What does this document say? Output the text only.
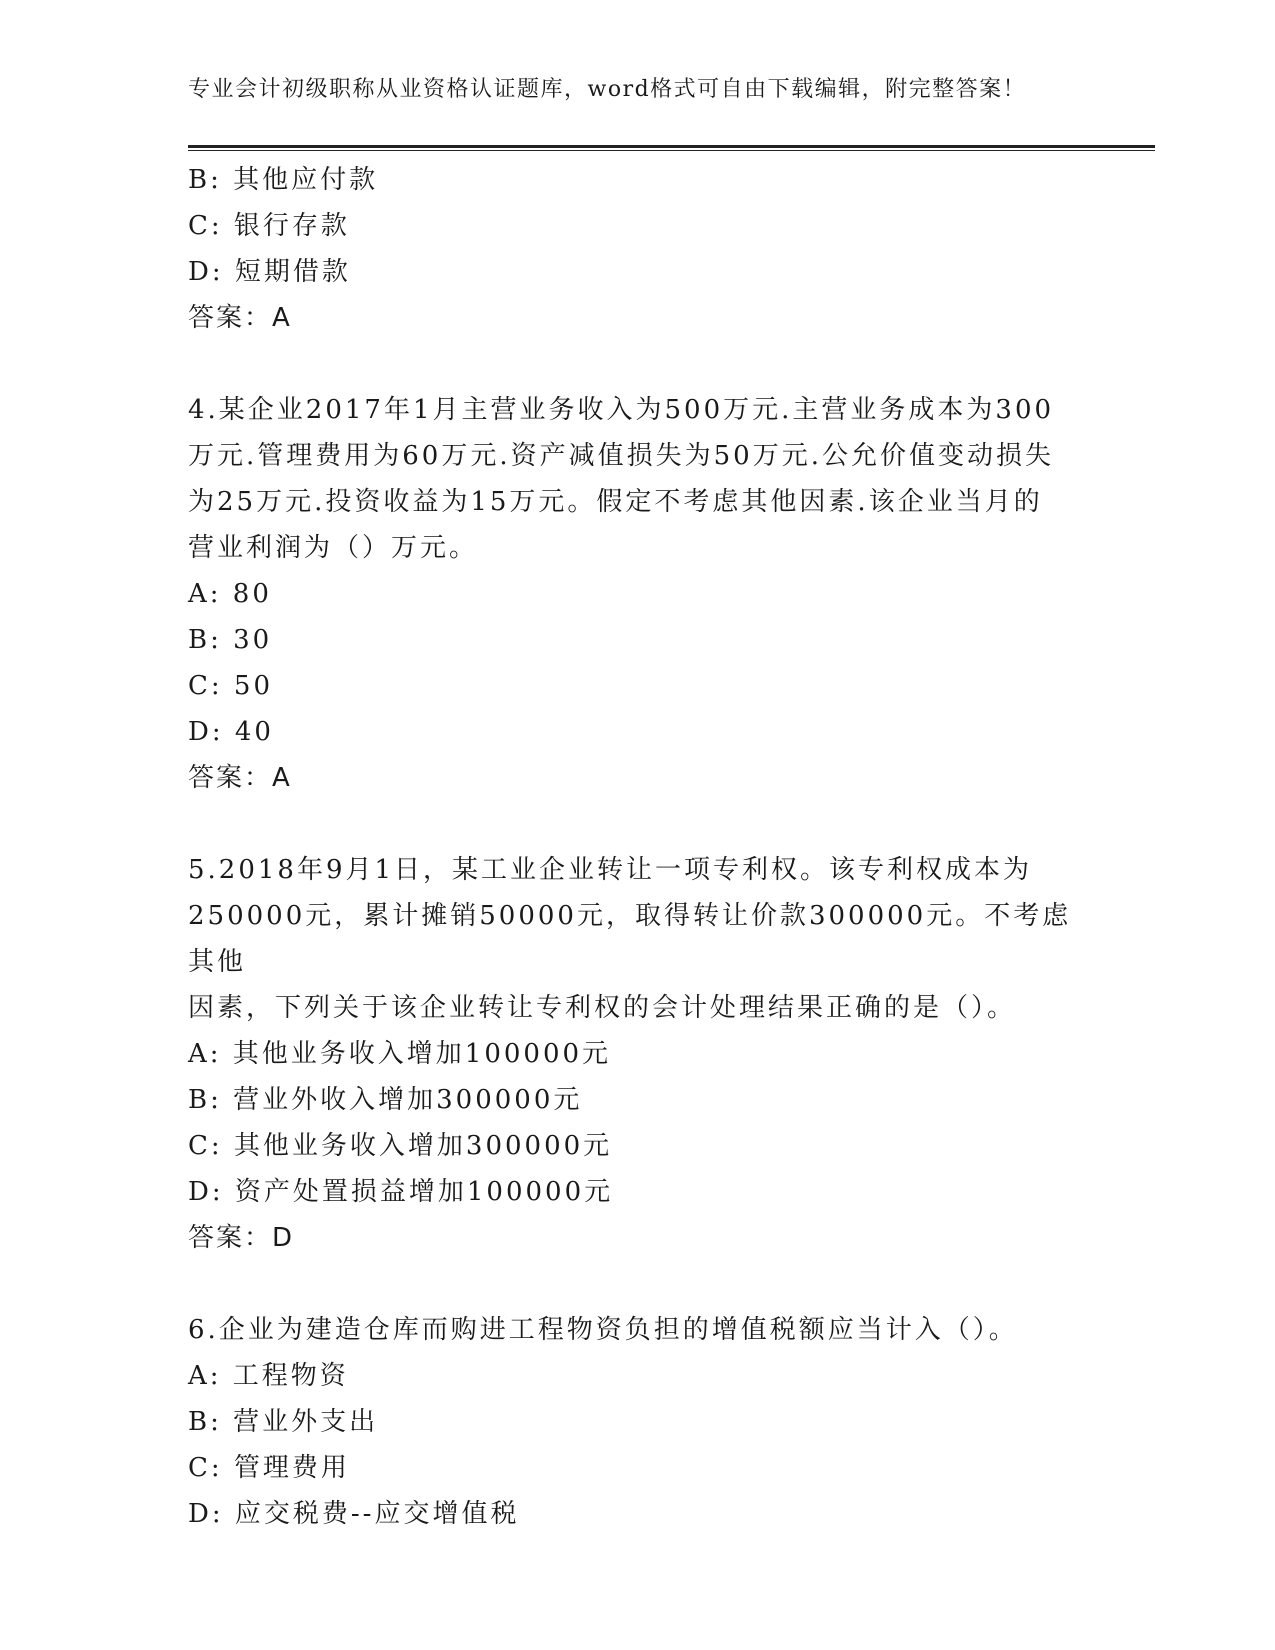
专业会计初级职称从业资格认证题库，word格式可自由下载编辑，附完整答案！
B: 其他应付款
C: 银行存款
D: 短期借款
答案：A
4.某企业2017年1月主营业务收入为500万元.主营业务成本为300
万元.管理费用为60万元.资产减值损失为50万元.公允价值变动损失
为25万元.投资收益为15万元。假定不考虑其他因素.该企业当月的
营业利润为（）万元。
A: 80
B: 30
C: 50
D: 40
答案：A
5.2018年9月1日，某工业企业转让一项专利权。该专利权成本为
250000元，累计摊销50000元，取得转让价款300000元。不考虑其他
因素，下列关于该企业转让专利权的会计处理结果正确的是（）。
A: 其他业务收入增加100000元
B: 营业外收入增加300000元
C: 其他业务收入增加300000元
D: 资产处置损益增加100000元
答案：D
6.企业为建造仓库而购进工程物资负担的增值税额应当计入（）。
A: 工程物资
B: 营业外支出
C: 管理费用
D: 应交税费--应交增值税
